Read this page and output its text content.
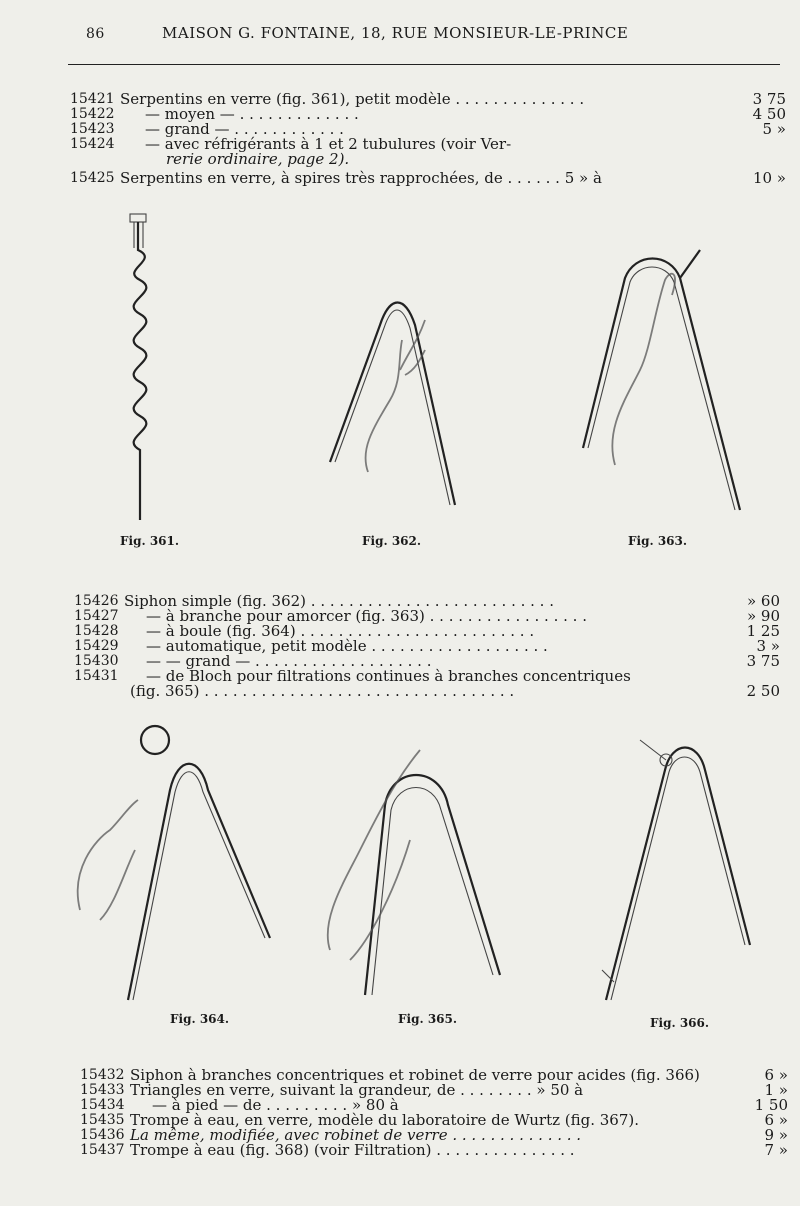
86	MAISON G. FONTAINE, 18, RUE MONSIEUR-LE-PRINCE
15421 Serpentins en verre (fig. 361), petit modèle . . . . . . . . . . . . . .	3 75
15422	— moyen — . . . . . . . . . . . . .	4 50
15423	— grand — . . . . . . . . . . . .	5 »
15424	— avec réfrigérants à 1 et 2 tubulures (voir Ver-
rerie ordinaire, page 2).
15425 Serpentins en verre, à spires très rapprochées, de . . . . . . 5 » à	10 »
Fig. 361.	Fig. 362.	Fig. 363.
15426 Siphon simple (fig. 362) . . . . . . . . . . . . . . . . . . . . . . . . . .	» 60
15427	— à branche pour amorcer (fig. 363) . . . . . . . . . . . . . . . . .	» 90
15428	— à boule (fig. 364) . . . . . . . . . . . . . . . . . . . . . . . . .	1 25
15429	— automatique, petit modèle . . . . . . . . . . . . . . . . . . .	3 »
15430	— — grand — . . . . . . . . . . . . . . . . . . .	3 75
15431	— de Bloch pour filtrations continues à branches concentriques
(fig. 365) . . . . . . . . . . . . . . . . . . . . . . . . . . . . . . . . .	2 50
Fig. 364.	Fig. 365.	Fig. 366.
15432 Siphon à branches concentriques et robinet de verre pour acides (fig. 366)	6 »
15433 Triangles en verre, suivant la grandeur, de . . . . . . . . » 50 à	1 »
15434	— à pied — de . . . . . . . . . » 80 à	1 50
15435 Trompe à eau, en verre, modèle du laboratoire de Wurtz (fig. 367).	6 »
15436 La même, modifiée, avec robinet de verre . . . . . . . . . . . . . .	9 »
15437 Trompe à eau (fig. 368) (voir Filtration) . . . . . . . . . . . . . . .	7 »
